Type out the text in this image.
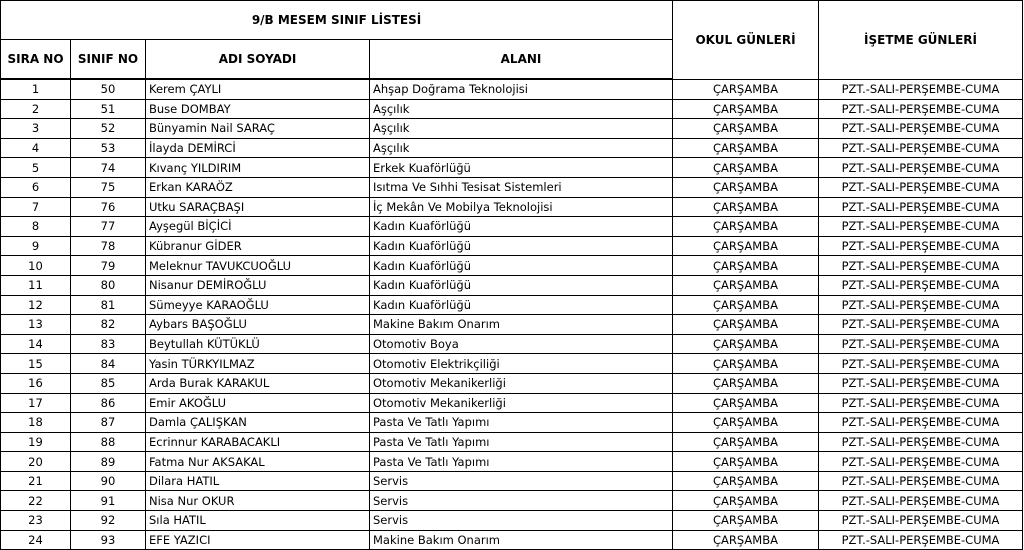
9/B MESEM SINIF LİSTESİ				OKUL GÜNLERİ	İŞETME GÜNLERİ
SIRA NO	SINIF NO	ADI SOYADI	ALANI		
1	50	Kerem ÇAYLI	Ahşap Doğrama Teknolojisi	ÇARŞAMBA	PZT.-SALI-PERŞEMBE-CUMA
2	51	Buse DOMBAY	Aşçılık	ÇARŞAMBA	PZT.-SALI-PERŞEMBE-CUMA
3	52	Bünyamin Nail SARAÇ	Aşçılık	ÇARŞAMBA	PZT.-SALI-PERŞEMBE-CUMA
4	53	İlayda DEMİRCİ	Aşçılık	ÇARŞAMBA	PZT.-SALI-PERŞEMBE-CUMA
5	74	Kıvanç YILDIRIM	Erkek Kuaförlüğü	ÇARŞAMBA	PZT.-SALI-PERŞEMBE-CUMA
6	75	Erkan KARAÖZ	Isıtma Ve Sıhhi Tesisat Sistemleri	ÇARŞAMBA	PZT.-SALI-PERŞEMBE-CUMA
7	76	Utku SARAÇBAŞI	İç Mekân Ve Mobilya Teknolojisi	ÇARŞAMBA	PZT.-SALI-PERŞEMBE-CUMA
8	77	Ayşegül BİÇİCİ	Kadın Kuaförlüğü	ÇARŞAMBA	PZT.-SALI-PERŞEMBE-CUMA
9	78	Kübranur GİDER	Kadın Kuaförlüğü	ÇARŞAMBA	PZT.-SALI-PERŞEMBE-CUMA
10	79	Meleknur TAVUKCUOĞLU	Kadın Kuaförlüğü	ÇARŞAMBA	PZT.-SALI-PERŞEMBE-CUMA
11	80	Nisanur DEMİROĞLU	Kadın Kuaförlüğü	ÇARŞAMBA	PZT.-SALI-PERŞEMBE-CUMA
12	81	Sümeyye KARAOĞLU	Kadın Kuaförlüğü	ÇARŞAMBA	PZT.-SALI-PERŞEMBE-CUMA
13	82	Aybars BAŞOĞLU	Makine Bakım Onarım	ÇARŞAMBA	PZT.-SALI-PERŞEMBE-CUMA
14	83	Beytullah KÜTÜKLÜ	Otomotiv Boya	ÇARŞAMBA	PZT.-SALI-PERŞEMBE-CUMA
15	84	Yasin TÜRKYILMAZ	Otomotiv Elektrikçiliği	ÇARŞAMBA	PZT.-SALI-PERŞEMBE-CUMA
16	85	Arda Burak KARAKUL	Otomotiv Mekanikerliği	ÇARŞAMBA	PZT.-SALI-PERŞEMBE-CUMA
17	86	Emir AKOĞLU	Otomotiv Mekanikerliği	ÇARŞAMBA	PZT.-SALI-PERŞEMBE-CUMA
18	87	Damla ÇALIŞKAN	Pasta Ve Tatlı Yapımı	ÇARŞAMBA	PZT.-SALI-PERŞEMBE-CUMA
19	88	Ecrinnur KARABACAKLI	Pasta Ve Tatlı Yapımı	ÇARŞAMBA	PZT.-SALI-PERŞEMBE-CUMA
20	89	Fatma Nur AKSAKAL	Pasta Ve Tatlı Yapımı	ÇARŞAMBA	PZT.-SALI-PERŞEMBE-CUMA
21	90	Dilara HATIL	Servis	ÇARŞAMBA	PZT.-SALI-PERŞEMBE-CUMA
22	91	Nisa Nur OKUR	Servis	ÇARŞAMBA	PZT.-SALI-PERŞEMBE-CUMA
23	92	Sıla HATIL	Servis	ÇARŞAMBA	PZT.-SALI-PERŞEMBE-CUMA
24	93	EFE YAZICI	Makine Bakım Onarım	ÇARŞAMBA	PZT.-SALI-PERŞEMBE-CUMA
